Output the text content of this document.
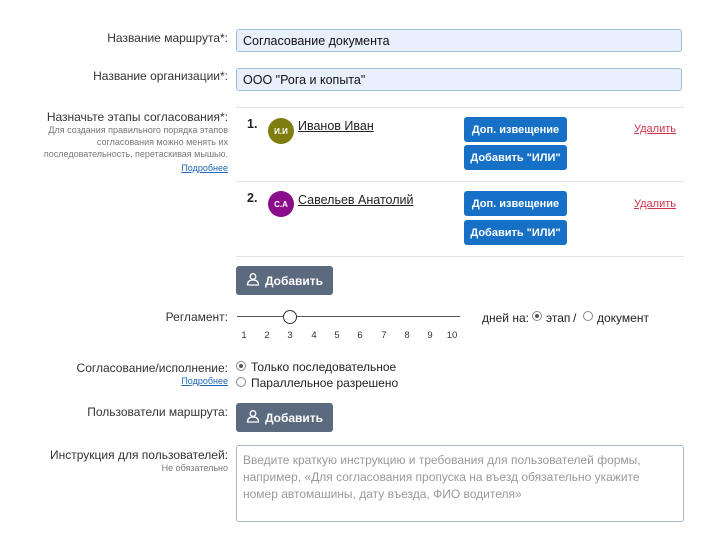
Название маршрута*:
Согласование документа
Название организации*:
ООО "Рога и копыта"
Назначьте этапы согласования*:
Для создания правильного порядка этапов согласования можно менять их последовательность, перетаскивая мышью.
Подробнее
1.	И.И Иванов Иван	Доп. извещение
Добавить "ИЛИ"
Удалить
2.	С.А Савельев Анатолий	Доп. извещение
Добавить "ИЛИ"
Удалить
Добавить
Регламент:
1 2 3 4 5 6 7 8 9 10
дней на: этап / документ
Согласование/исполнение:
Подробнее
Только последовательное
Параллельное разрешено
Пользователи маршрута:	Добавить
Инструкция для пользователей:
Не обязательно
Введите краткую инструкцию и требования для пользователей формы, например, «Для согласования пропуска на въезд обязательно укажите номер автомашины, дату въезда, ФИО водителя»
